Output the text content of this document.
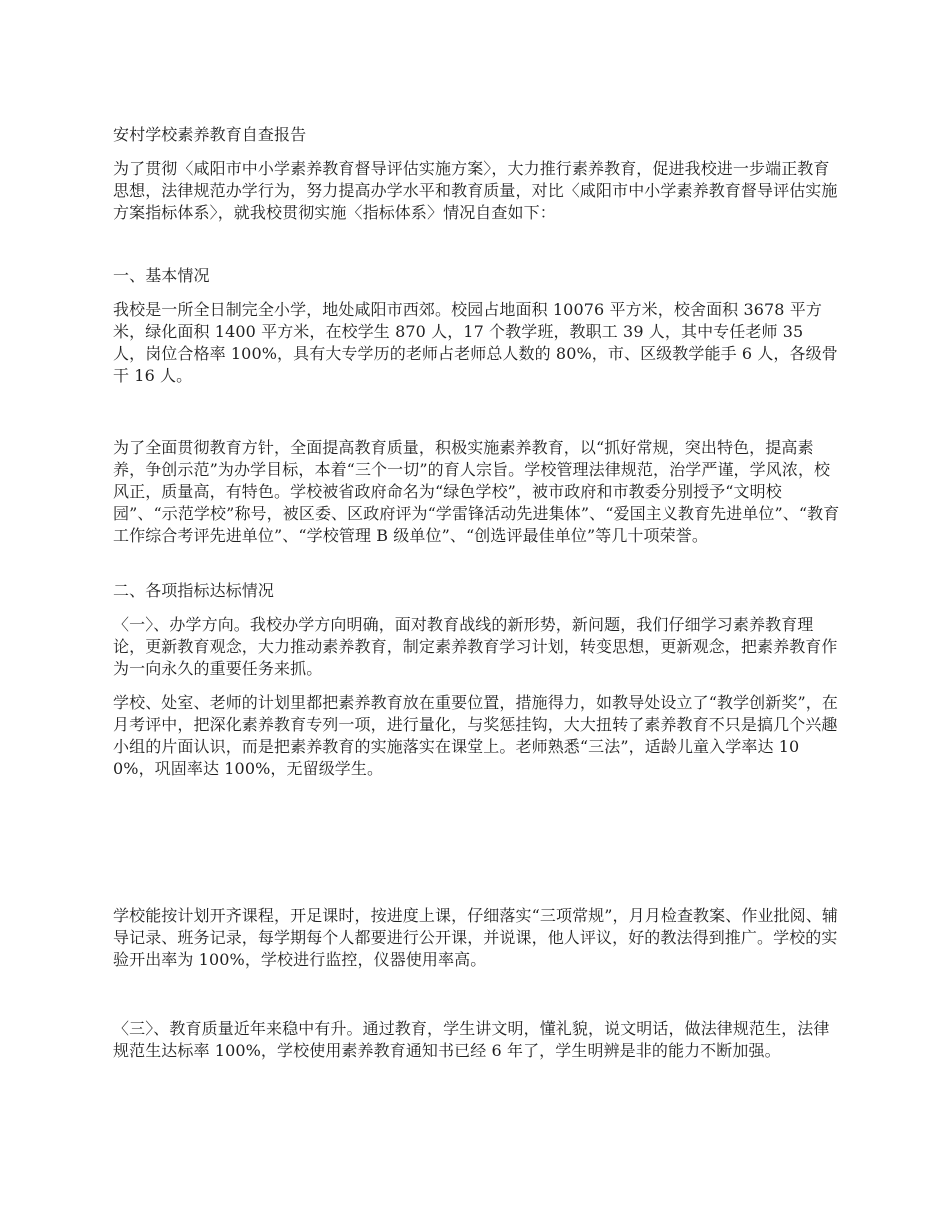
安村学校素养教育自查报告

为了贯彻〈咸阳市中小学素养教育督导评估实施方案〉，大力推行素养教育，促进我校进一步端正教育思想，法律规范办学行为，努力提高办学水平和教育质量，对比〈咸阳市中小学素养教育督导评估实施方案指标体系〉，就我校贯彻实施〈指标体系〉情况自查如下：

一、基本情况

我校是一所全日制完全小学，地处咸阳市西郊。校园占地面积 10076 平方米，校舍面积 3678 平方米，绿化面积 1400 平方米，在校学生 870 人，17 个教学班，教职工 39 人，其中专任老师 35 人，岗位合格率 100%，具有大专学历的老师占老师总人数的 80%，市、区级教学能手 6 人，各级骨干 16 人。

为了全面贯彻教育方针，全面提高教育质量，积极实施素养教育，以“抓好常规，突出特色，提高素养，争创示范”为办学目标，本着“三个一切”的育人宗旨。学校管理法律规范，治学严谨，学风浓，校风正，质量高，有特色。学校被省政府命名为“绿色学校”，被市政府和市教委分别授予“文明校园”、“示范学校”称号，被区委、区政府评为“学雷锋活动先进集体”、“爱国主义教育先进单位”、“教育工作综合考评先进单位”、“学校管理 B 级单位”、“创选评最佳单位”等几十项荣誉。

二、各项指标达标情况

〈一〉、办学方向。我校办学方向明确，面对教育战线的新形势，新问题，我们仔细学习素养教育理论，更新教育观念，大力推动素养教育，制定素养教育学习计划，转变思想，更新观念，把素养教育作为一向永久的重要任务来抓。

学校、处室、老师的计划里都把素养教育放在重要位置，措施得力，如教导处设立了“教学创新奖”，在月考评中，把深化素养教育专列一项，进行量化，与奖惩挂钩，大大扭转了素养教育不只是搞几个兴趣小组的片面认识，而是把素养教育的实施落实在课堂上。老师熟悉“三法”，适龄儿童入学率达 100%，巩固率达 100%，无留级学生。

学校能按计划开齐课程，开足课时，按进度上课，仔细落实“三项常规”，月月检查教案、作业批阅、辅导记录、班务记录，每学期每个人都要进行公开课，并说课，他人评议，好的教法得到推广。学校的实验开出率为 100%，学校进行监控，仪器使用率高。

〈三〉、教育质量近年来稳中有升。通过教育，学生讲文明，懂礼貌，说文明话，做法律规范生，法律规范生达标率 100%，学校使用素养教育通知书已经 6 年了，学生明辨是非的能力不断加强。
